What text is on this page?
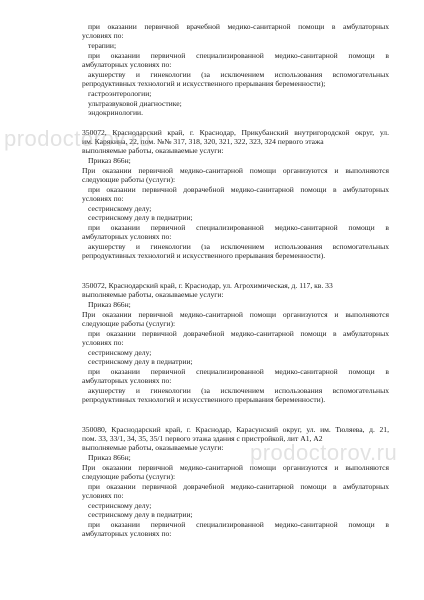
при оказании первичной врачебной медико-санитарной помощи в амбулаторных
условиях по:
терапии;
при оказании первичной специализированной медико-санитарной помощи в
амбулаторных условиях по:
акушерству и гинекологии (за исключением использования вспомогательных
репродуктивных технологий и искусственного прерывания беременности);
гастроэнтерологии;
ультразвуковой диагностике;
эндокринологии.
350072, Краснодарский край, г. Краснодар, Прикубанский внутригородской округ, ул.
им. Карякина, 22, пом. №№ 317, 318, 320, 321, 322, 323, 324 первого этажа
выполняемые работы, оказываемые услуги:
Приказ 866н;
При оказании первичной медико-санитарной помощи организуются и выполняются
следующие работы (услуги):
при оказании первичной доврачебной медико-санитарной помощи в амбулаторных
условиях по:
сестринскому делу;
сестринскому делу в педиатрии;
при оказании первичной специализированной медико-санитарной помощи в
амбулаторных условиях по:
акушерству и гинекологии (за исключением использования вспомогательных
репродуктивных технологий и искусственного прерывания беременности).
350072, Краснодарский край, г. Краснодар, ул. Агрохимическая, д. 117, кв. 33
выполняемые работы, оказываемые услуги:
Приказ 866н;
При оказании первичной медико-санитарной помощи организуются и выполняются
следующие работы (услуги):
при оказании первичной доврачебной медико-санитарной помощи в амбулаторных
условиях по:
сестринскому делу;
сестринскому делу в педиатрии;
при оказании первичной специализированной медико-санитарной помощи в
амбулаторных условиях по:
акушерству и гинекологии (за исключением использования вспомогательных
репродуктивных технологий и искусственного прерывания беременности).
350080, Краснодарский край, г. Краснодар, Карасунский округ, ул. им. Тюляева, д. 21,
пом. 33, 33/1, 34, 35, 35/1 первого этажа здания с пристройкой, лит А1, А2
выполняемые работы, оказываемые услуги:
Приказ 866н;
При оказании первичной медико-санитарной помощи организуются и выполняются
следующие работы (услуги):
при оказании первичной доврачебной медико-санитарной помощи в амбулаторных
условиях по:
сестринскому делу;
сестринскому делу в педиатрии;
при оказании первичной специализированной медико-санитарной помощи в
амбулаторных условиях по:
prodoctorov.ru
prodoctorov.ru
